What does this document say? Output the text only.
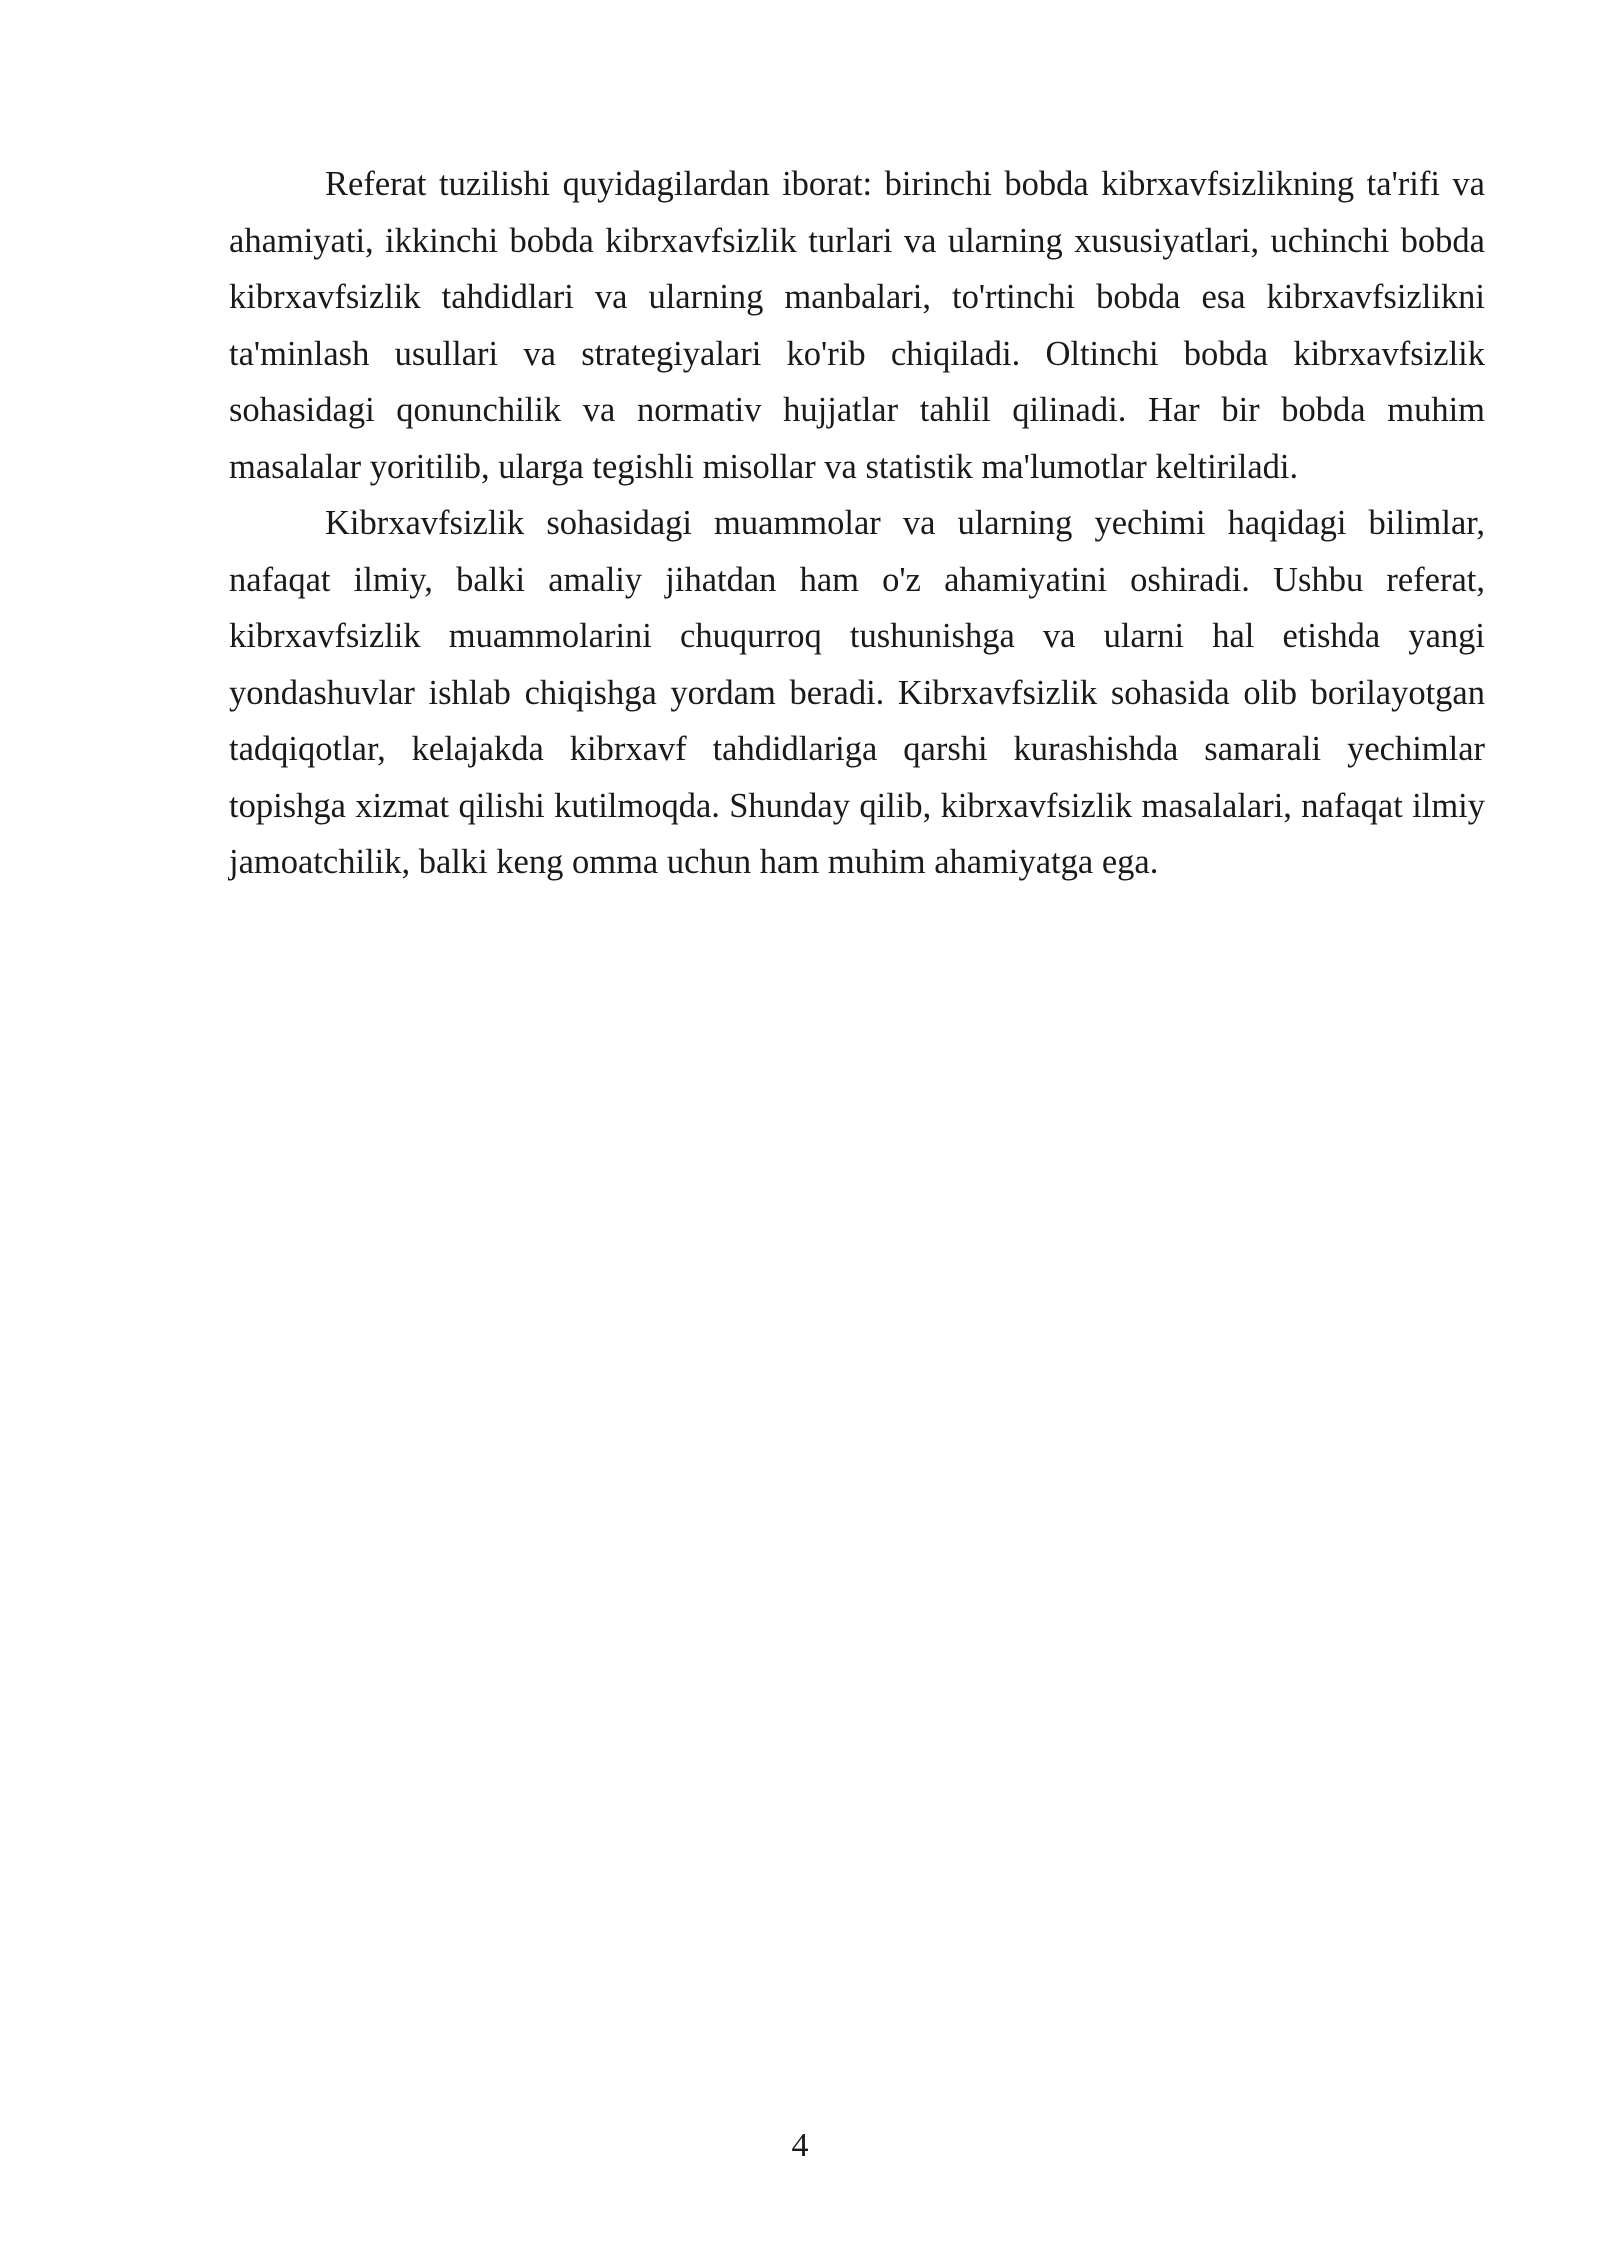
Referat tuzilishi quyidagilardan iborat: birinchi bobda kibrxavfsizlikning ta'rifi va ahamiyati, ikkinchi bobda kibrxavfsizlik turlari va ularning xususiyatlari, uchinchi bobda kibrxavfsizlik tahdidlari va ularning manbalari, to'rtinchi bobda esa kibrxavfsizlikni ta'minlash usullari va strategiyalari ko'rib chiqiladi. Oltinchi bobda kibrxavfsizlik sohasidagi qonunchilik va normativ hujjatlar tahlil qilinadi. Har bir bobda muhim masalalar yoritilib, ularga tegishli misollar va statistik ma'lumotlar keltiriladi.

Kibrxavfsizlik sohasidagi muammolar va ularning yechimi haqidagi bilimlar, nafaqat ilmiy, balki amaliy jihatdan ham o'z ahamiyatini oshiradi. Ushbu referat, kibrxavfsizlik muammolarini chuqurroq tushunishga va ularni hal etishda yangi yondashuvlar ishlab chiqishga yordam beradi. Kibrxavfsizlik sohasida olib borilayotgan tadqiqotlar, kelajakda kibrxavf tahdidlariga qarshi kurashishda samarali yechimlar topishga xizmat qilishi kutilmoqda. Shunday qilib, kibrxavfsizlik masalalari, nafaqat ilmiy jamoatchilik, balki keng omma uchun ham muhim ahamiyatga ega.

4
